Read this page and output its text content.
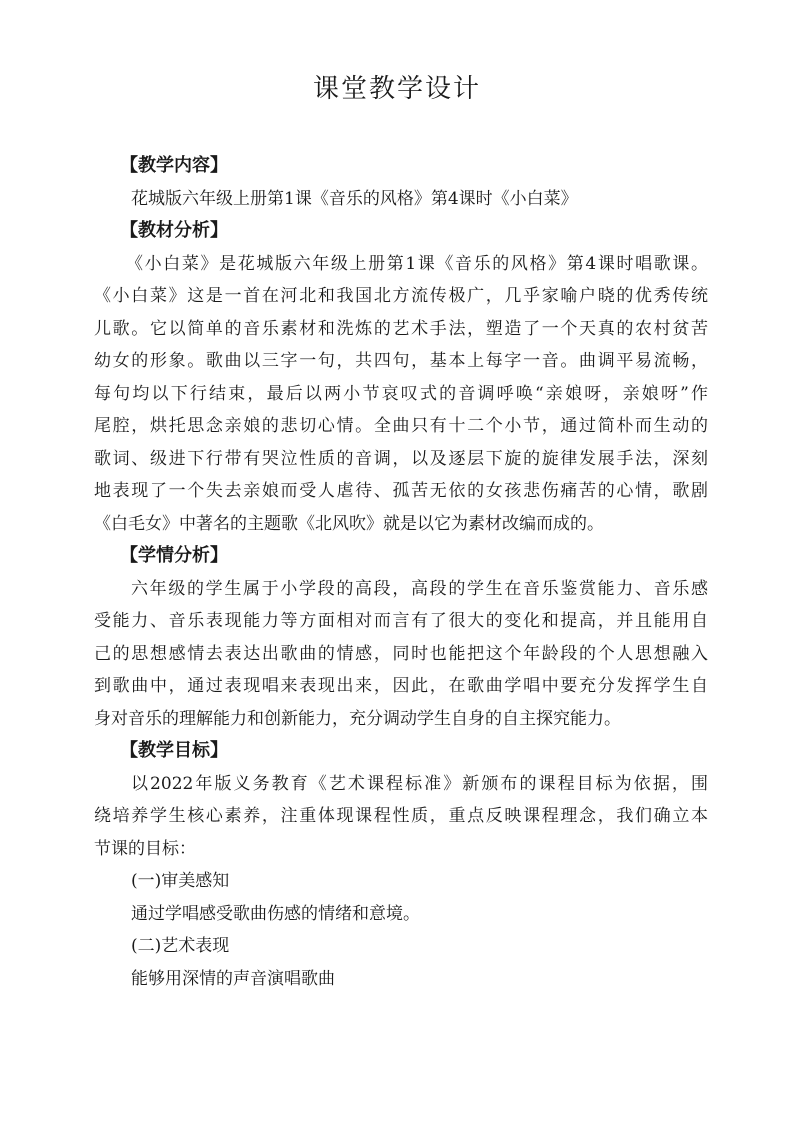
课堂教学设计
【教学内容】
花城版六年级上册第1课《音乐的风格》第4课时《小白菜》
【教材分析】
《小白菜》是花城版六年级上册第1课《音乐的风格》第4课时唱歌课。
《小白菜》这是一首在河北和我国北方流传极广，几乎家喻户晓的优秀传统
儿歌。它以简单的音乐素材和洗炼的艺术手法，塑造了一个天真的农村贫苦
幼女的形象。歌曲以三字一句，共四句，基本上每字一音。曲调平易流畅，
每句均以下行结束，最后以两小节哀叹式的音调呼唤“亲娘呀，亲娘呀”作
尾腔，烘托思念亲娘的悲切心情。全曲只有十二个小节，通过简朴而生动的
歌词、级进下行带有哭泣性质的音调，以及逐层下旋的旋律发展手法，深刻
地表现了一个失去亲娘而受人虐待、孤苦无依的女孩悲伤痛苦的心情，歌剧
《白毛女》中著名的主题歌《北风吹》就是以它为素材改编而成的。
【学情分析】
六年级的学生属于小学段的高段，高段的学生在音乐鉴赏能力、音乐感
受能力、音乐表现能力等方面相对而言有了很大的变化和提高，并且能用自
己的思想感情去表达出歌曲的情感，同时也能把这个年龄段的个人思想融入
到歌曲中，通过表现唱来表现出来，因此，在歌曲学唱中要充分发挥学生自
身对音乐的理解能力和创新能力，充分调动学生自身的自主探究能力。
【教学目标】
以2022年版义务教育《艺术课程标准》新颁布的课程目标为依据，围
绕培养学生核心素养，注重体现课程性质，重点反映课程理念，我们确立本
节课的目标：
(一)审美感知
通过学唱感受歌曲伤感的情绪和意境。
(二)艺术表现
能够用深情的声音演唱歌曲
